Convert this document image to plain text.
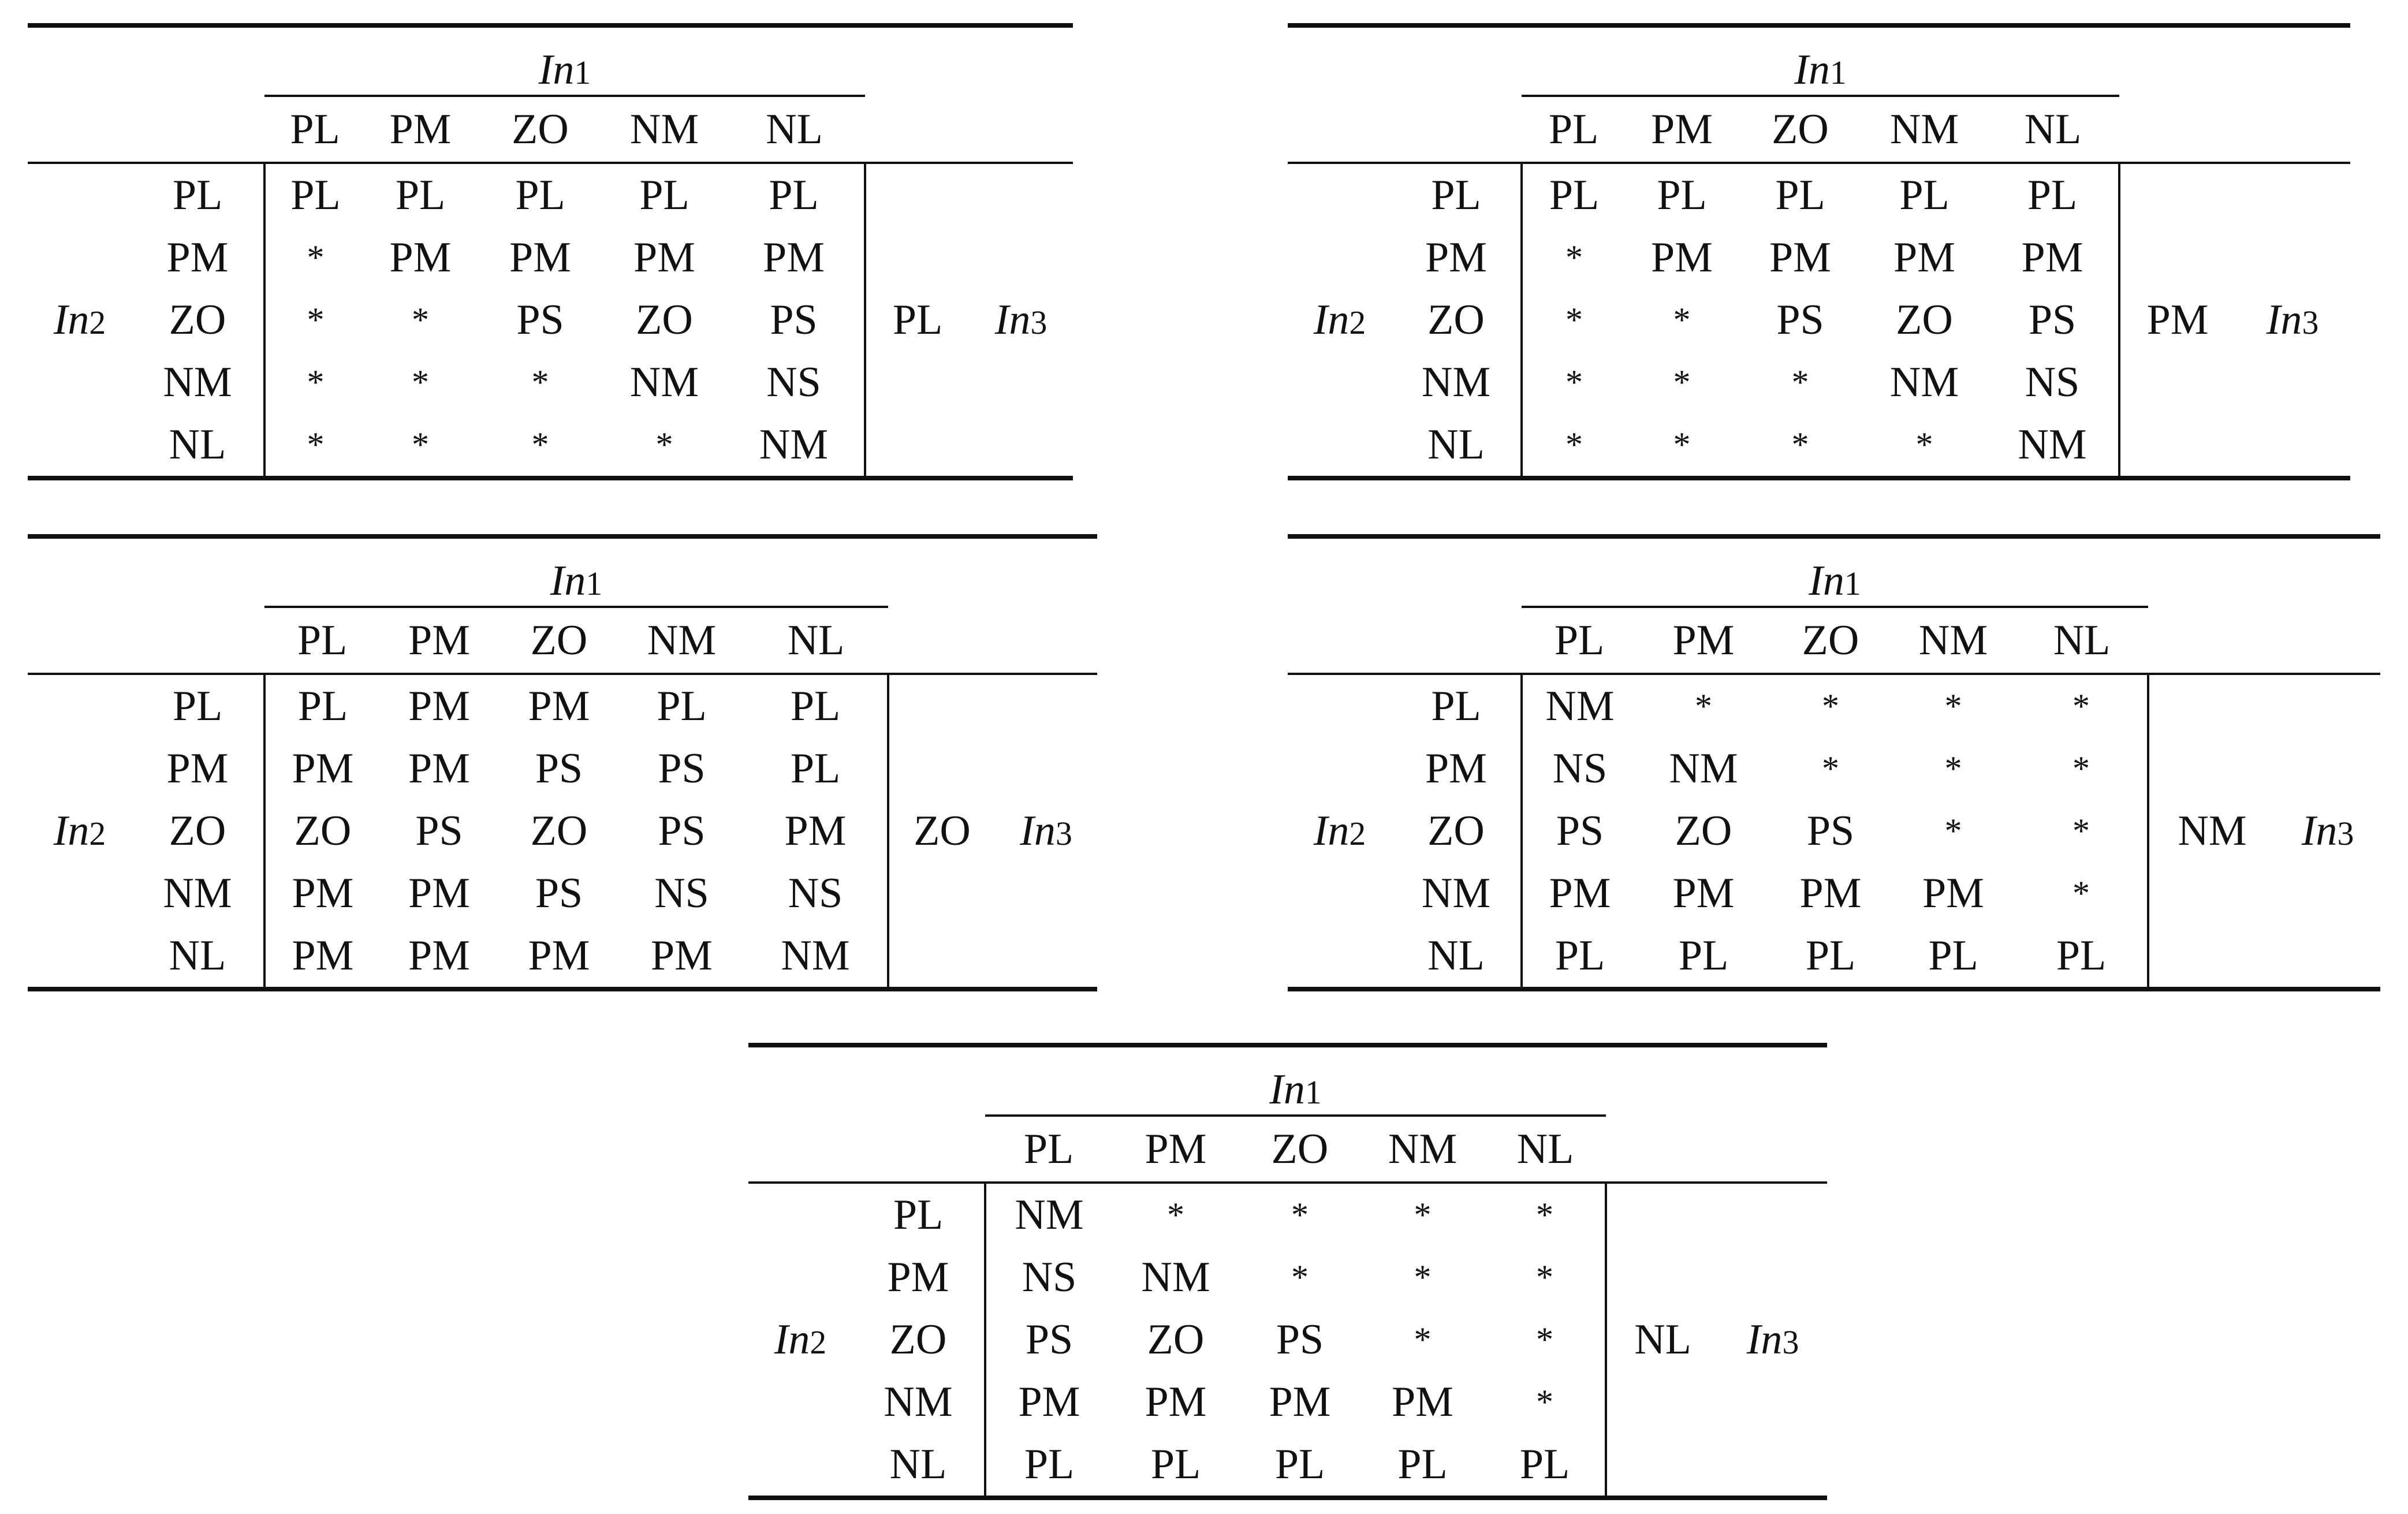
		In1						
		PL	PM	ZO	NM	NL		
	PL	PL	PL	PL	PL	PL		
	PM	*	PM	PM	PM	PM		
In2	ZO	*	*	PS	ZO	PS	PL	In3
	NM	*	*	*	NM	NS		
	NL	*	*	*	*	NM		
		In1						
		PL	PM	ZO	NM	NL		
	PL	PL	PL	PL	PL	PL		
	PM	*	PM	PM	PM	PM		
In2	ZO	*	*	PS	ZO	PS	PM	In3
	NM	*	*	*	NM	NS		
	NL	*	*	*	*	NM		
		In1						
		PL	PM	ZO	NM	NL		
	PL	PL	PM	PM	PL	PL		
	PM	PM	PM	PS	PS	PL		
In2	ZO	ZO	PS	ZO	PS	PM	ZO	In3
	NM	PM	PM	PS	NS	NS		
	NL	PM	PM	PM	PM	NM		
		In1						
		PL	PM	ZO	NM	NL		
	PL	NM	*	*	*	*		
	PM	NS	NM	*	*	*		
In2	ZO	PS	ZO	PS	*	*	NM	In3
	NM	PM	PM	PM	PM	*		
	NL	PL	PL	PL	PL	PL		
		In1						
		PL	PM	ZO	NM	NL		
	PL	NM	*	*	*	*		
	PM	NS	NM	*	*	*		
In2	ZO	PS	ZO	PS	*	*	NL	In3
	NM	PM	PM	PM	PM	*		
	NL	PL	PL	PL	PL	PL		
